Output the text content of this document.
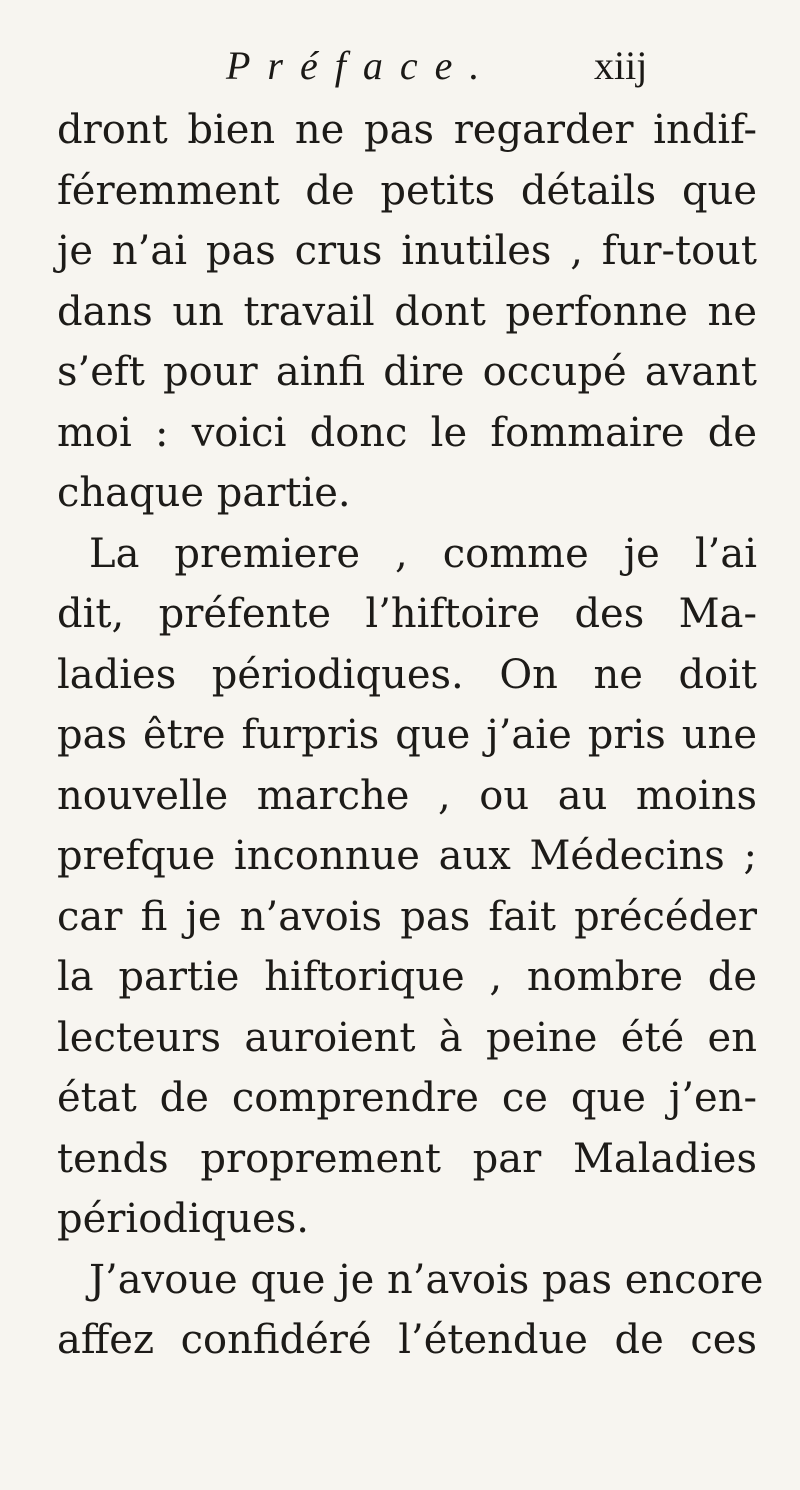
Préface. xiij
dront bien ne pas regarder indif-
féremment de petits détails que
je n’ai pas crus inutiles , fur-tout
dans un travail dont perfonne ne
s’eft pour ainfi dire occupé avant
moi : voici donc le fommaire de
chaque partie.
La premiere , comme je l’ai
dit, préfente l’hiftoire des Ma-
ladies périodiques. On ne doit
pas être furpris que j’aie pris une
nouvelle marche , ou au moins
prefque inconnue aux Médecins ;
car fi je n’avois pas fait précéder
la partie hiftorique , nombre de
lecteurs auroient à peine été en
état de comprendre ce que j’en-
tends proprement par Maladies
périodiques.
J’avoue que je n’avois pas encore
affez confidéré l’étendue de ces
